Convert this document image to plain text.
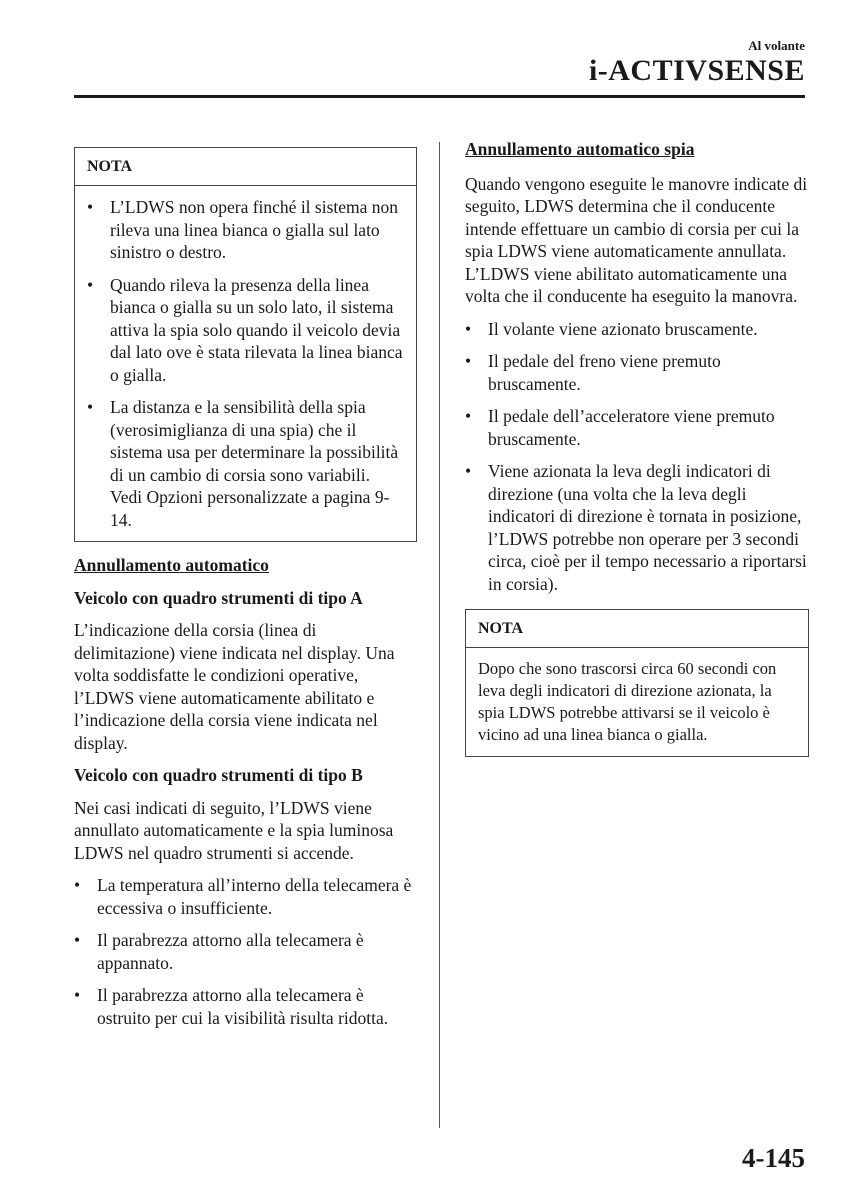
Al volante
i-ACTIVSENSE
NOTA
• L’LDWS non opera finché il sistema non rileva una linea bianca o gialla sul lato sinistro o destro.
• Quando rileva la presenza della linea bianca o gialla su un solo lato, il sistema attiva la spia solo quando il veicolo devia dal lato ove è stata rilevata la linea bianca o gialla.
• La distanza e la sensibilità della spia (verosimiglianza di una spia) che il sistema usa per determinare la possibilità di un cambio di corsia sono variabili.
Vedi Opzioni personalizzate a pagina 9-14.

Annullamento automatico

Veicolo con quadro strumenti di tipo A

L’indicazione della corsia (linea di delimitazione) viene indicata nel display. Una volta soddisfatte le condizioni operative, l’LDWS viene automaticamente abilitato e l’indicazione della corsia viene indicata nel display.

Veicolo con quadro strumenti di tipo B

Nei casi indicati di seguito, l’LDWS viene annullato automaticamente e la spia luminosa LDWS nel quadro strumenti si accende.

• La temperatura all’interno della telecamera è eccessiva o insufficiente.
• Il parabrezza attorno alla telecamera è appannato.
• Il parabrezza attorno alla telecamera è ostruito per cui la visibilità risulta ridotta.

Annullamento automatico spia

Quando vengono eseguite le manovre indicate di seguito, LDWS determina che il conducente intende effettuare un cambio di corsia per cui la spia LDWS viene automaticamente annullata. L’LDWS viene abilitato automaticamente una volta che il conducente ha eseguito la manovra.

• Il volante viene azionato bruscamente.
• Il pedale del freno viene premuto bruscamente.
• Il pedale dell’acceleratore viene premuto bruscamente.
• Viene azionata la leva degli indicatori di direzione (una volta che la leva degli indicatori di direzione è tornata in posizione, l’LDWS potrebbe non operare per 3 secondi circa, cioè per il tempo necessario a riportarsi in corsia).
NOTA
Dopo che sono trascorsi circa 60 secondi con leva degli indicatori di direzione azionata, la spia LDWS potrebbe attivarsi se il veicolo è vicino ad una linea bianca o gialla.
4-145
